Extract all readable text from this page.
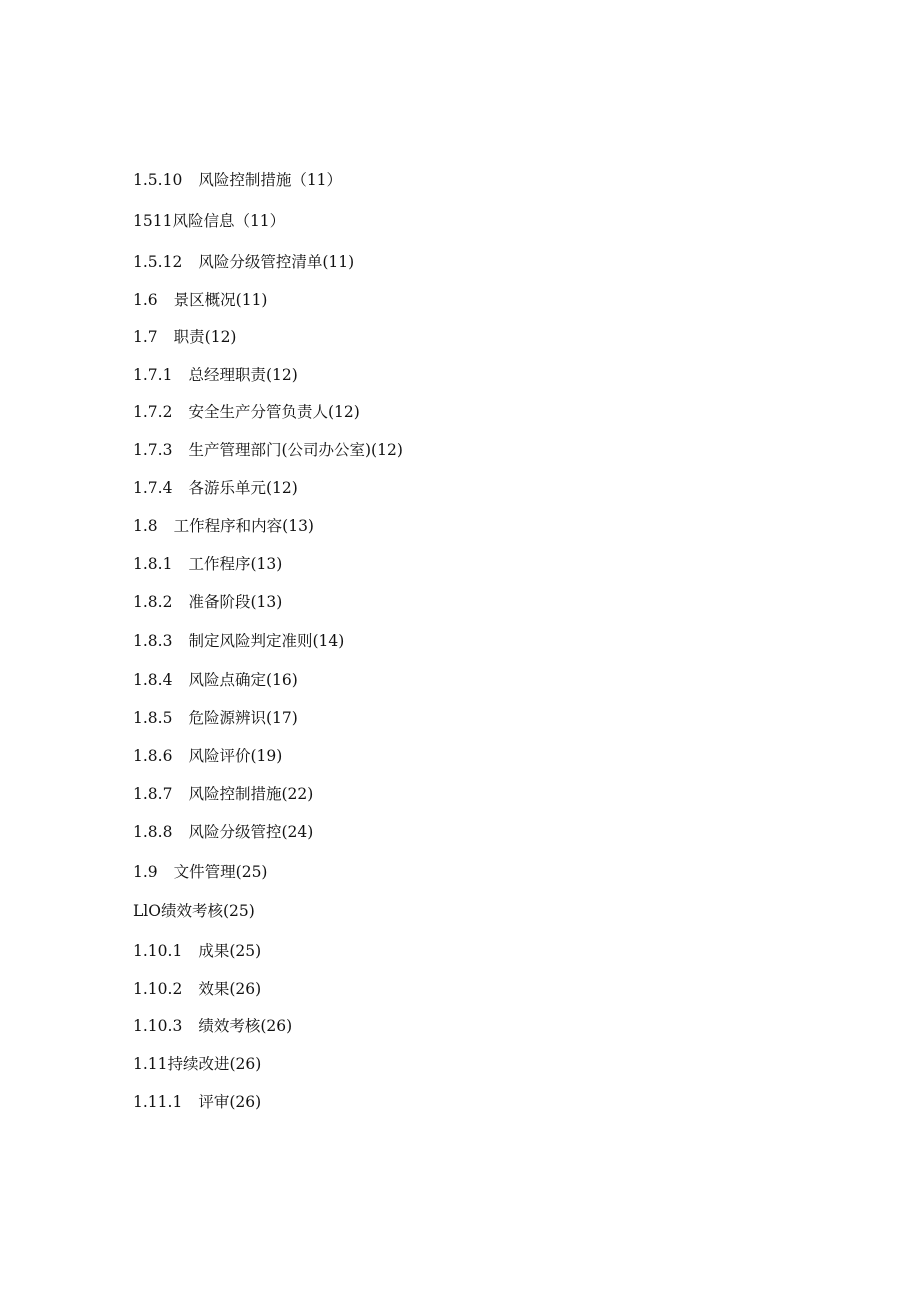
1.5.10 风险控制措施（11）
1511风险信息（11）
1.5.12 风险分级管控清单(11)
1.6 景区概况(11)
1.7 职责(12)
1.7.1 总经理职责(12)
1.7.2 安全生产分管负责人(12)
1.7.3 生产管理部门(公司办公室)(12)
1.7.4 各游乐单元(12)
1.8 工作程序和内容(13)
1.8.1 工作程序(13)
1.8.2 准备阶段(13)
1.8.3 制定风险判定准则(14)
1.8.4 风险点确定(16)
1.8.5 危险源辨识(17)
1.8.6 风险评价(19)
1.8.7 风险控制措施(22)
1.8.8 风险分级管控(24)
1.9 文件管理(25)
LlO绩效考核(25)
1.10.1 成果(25)
1.10.2 效果(26)
1.10.3 绩效考核(26)
1.11持续改进(26)
1.11.1 评审(26)
